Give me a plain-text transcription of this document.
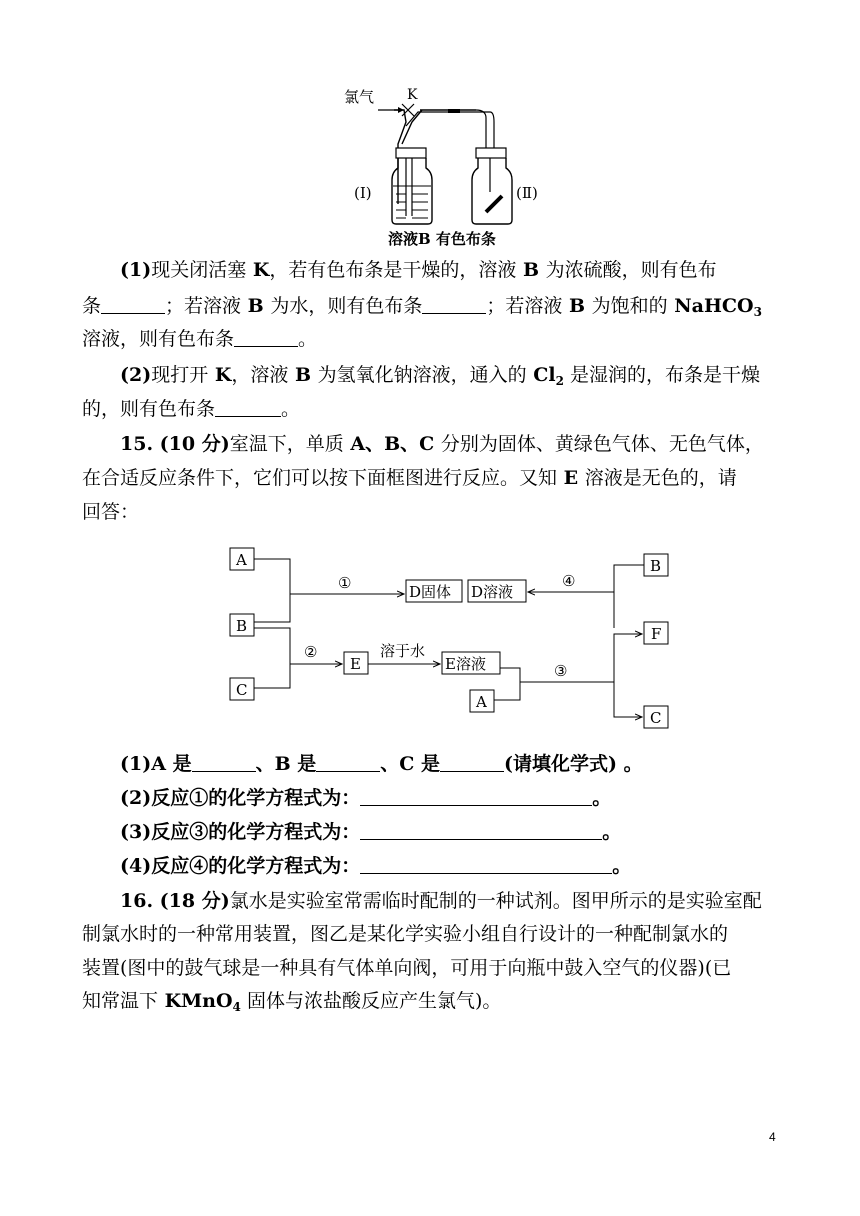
氯气 K
(Ⅰ)	(Ⅱ)
溶液B 有色布条
(1)现关闭活塞 K，若有色布条是干燥的，溶液 B 为浓硫酸，则有色布
条	；若溶液 B 为水，则有色布条	；若溶液 B 为饱和的 NaHCO$_3$
溶液，则有色布条	。
(2)现打开 K，溶液 B 为氢氧化钠溶液，通入的 $Cl_2$ 是湿润的，布条是干燥
的，则有色布条	。
15. (10 分)室温下，单质 A、B、C 分别为固体、黄绿色气体、无色气体，
在合适反应条件下，它们可以按下面框图进行反应。又知 E 溶液是无色的，请
回答：
A
B
C
D固体 D溶液
E	E溶液
A
B
F
C
①
②
③
④
溶于水
(1)A 是	、B 是	、C 是	(请填化学式) 。
(2)反应①的化学方程式为：	。
(3)反应③的化学方程式为：	。
(4)反应④的化学方程式为：	。
16. (18 分)氯水是实验室常需临时配制的一种试剂。图甲所示的是实验室配
制氯水时的一种常用装置，图乙是某化学实验小组自行设计的一种配制氯水的
装置(图中的鼓气球是一种具有气体单向阀，可用于向瓶中鼓入空气的仪器)(已
知常温下 KMnO$_4$ 固体与浓盐酸反应产生氯气)。
4
